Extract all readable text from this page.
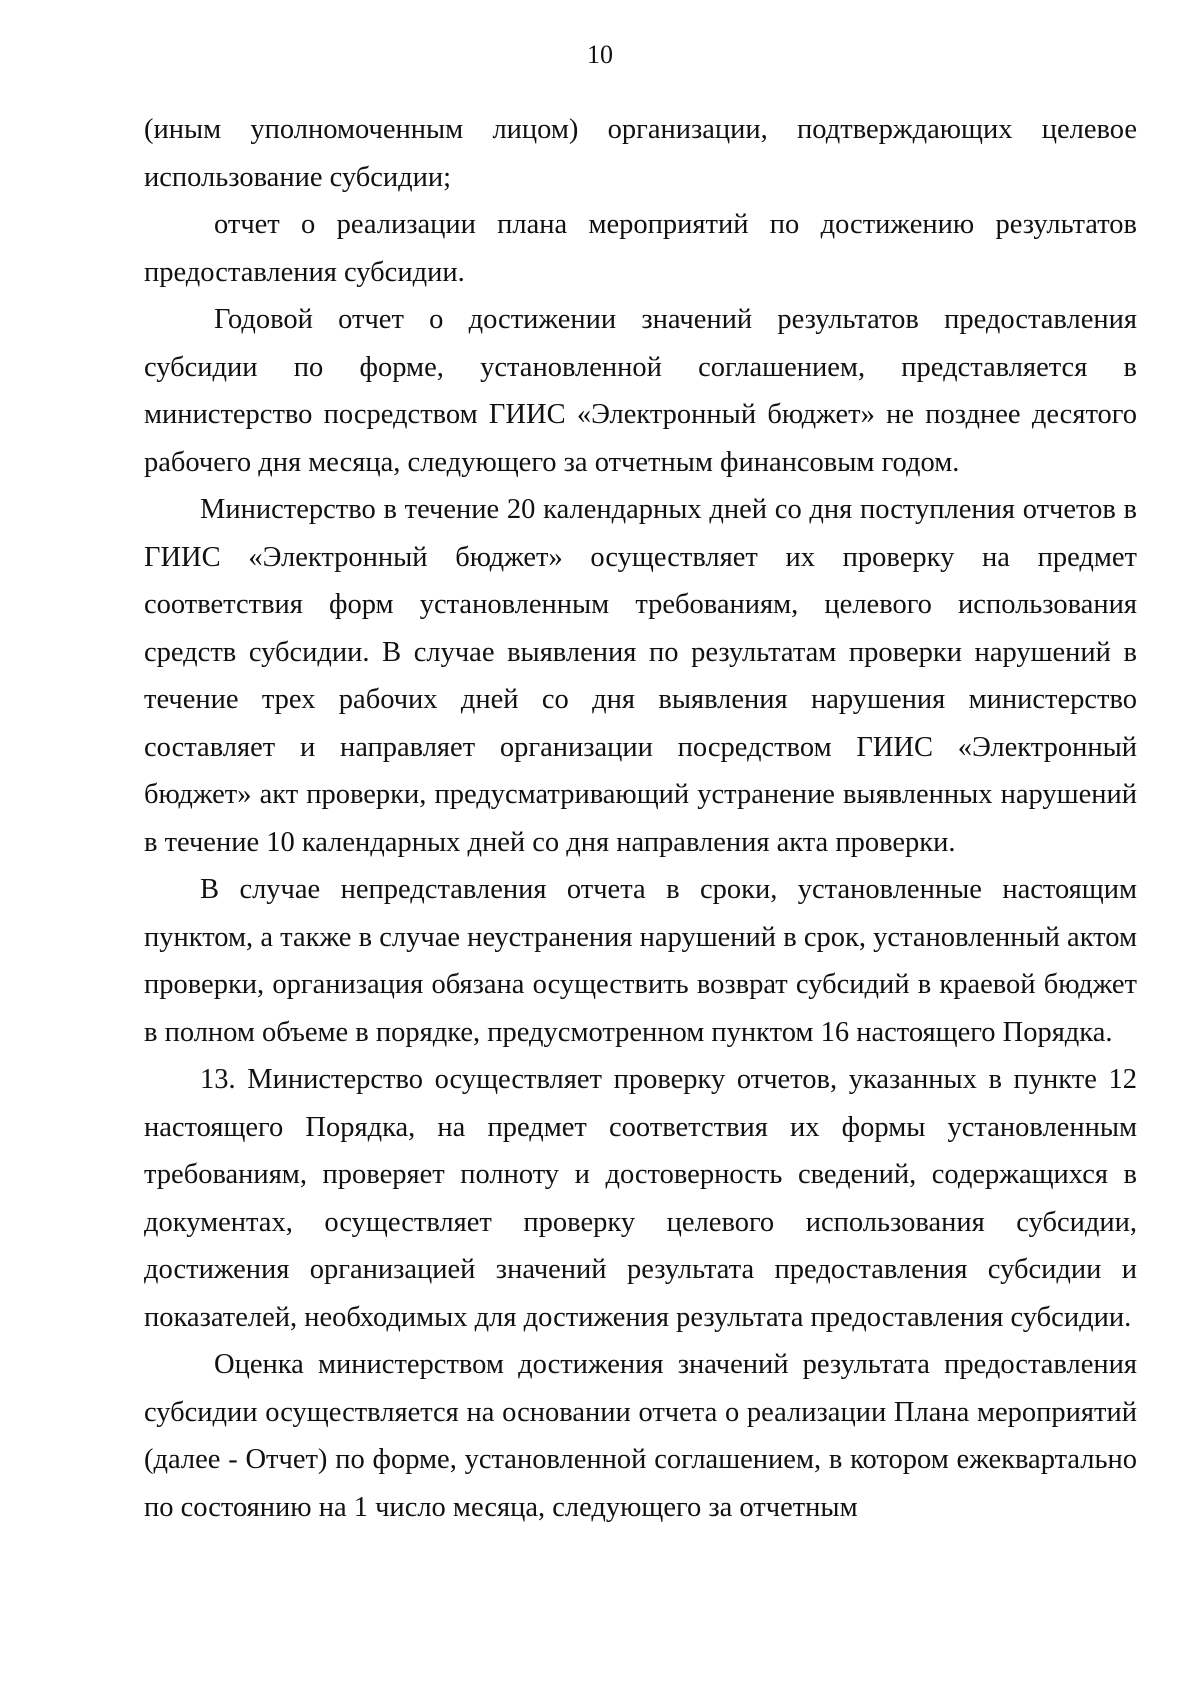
10

(иным уполномоченным лицом) организации, подтверждающих целевое использование субсидии;

отчет о реализации плана мероприятий по достижению результатов предоставления субсидии.

Годовой отчет о достижении значений результатов предоставления субсидии по форме, установленной соглашением, представляется в министерство посредством ГИИС «Электронный бюджет» не позднее десятого рабочего дня месяца, следующего за отчетным финансовым годом.

Министерство в течение 20 календарных дней со дня поступления отчетов в ГИИС «Электронный бюджет» осуществляет их проверку на предмет соответствия форм установленным требованиям, целевого использования средств субсидии. В случае выявления по результатам проверки нарушений в течение трех рабочих дней со дня выявления нарушения министерство составляет и направляет организации посредством ГИИС «Электронный бюджет» акт проверки, предусматривающий устранение выявленных нарушений в течение 10 календарных дней со дня направления акта проверки.

В случае непредставления отчета в сроки, установленные настоящим пунктом, а также в случае неустранения нарушений в срок, установленный актом проверки, организация обязана осуществить возврат субсидий в краевой бюджет в полном объеме в порядке, предусмотренном пунктом 16 настоящего Порядка.

13. Министерство осуществляет проверку отчетов, указанных в пункте 12 настоящего Порядка, на предмет соответствия их формы установленным требованиям, проверяет полноту и достоверность сведений, содержащихся в документах, осуществляет проверку целевого использования субсидии, достижения организацией значений результата предоставления субсидии и показателей, необходимых для достижения результата предоставления субсидии.

Оценка министерством достижения значений результата предоставления субсидии осуществляется на основании отчета о реализации Плана мероприятий (далее - Отчет) по форме, установленной соглашением, в котором ежеквартально по состоянию на 1 число месяца, следующего за отчетным
